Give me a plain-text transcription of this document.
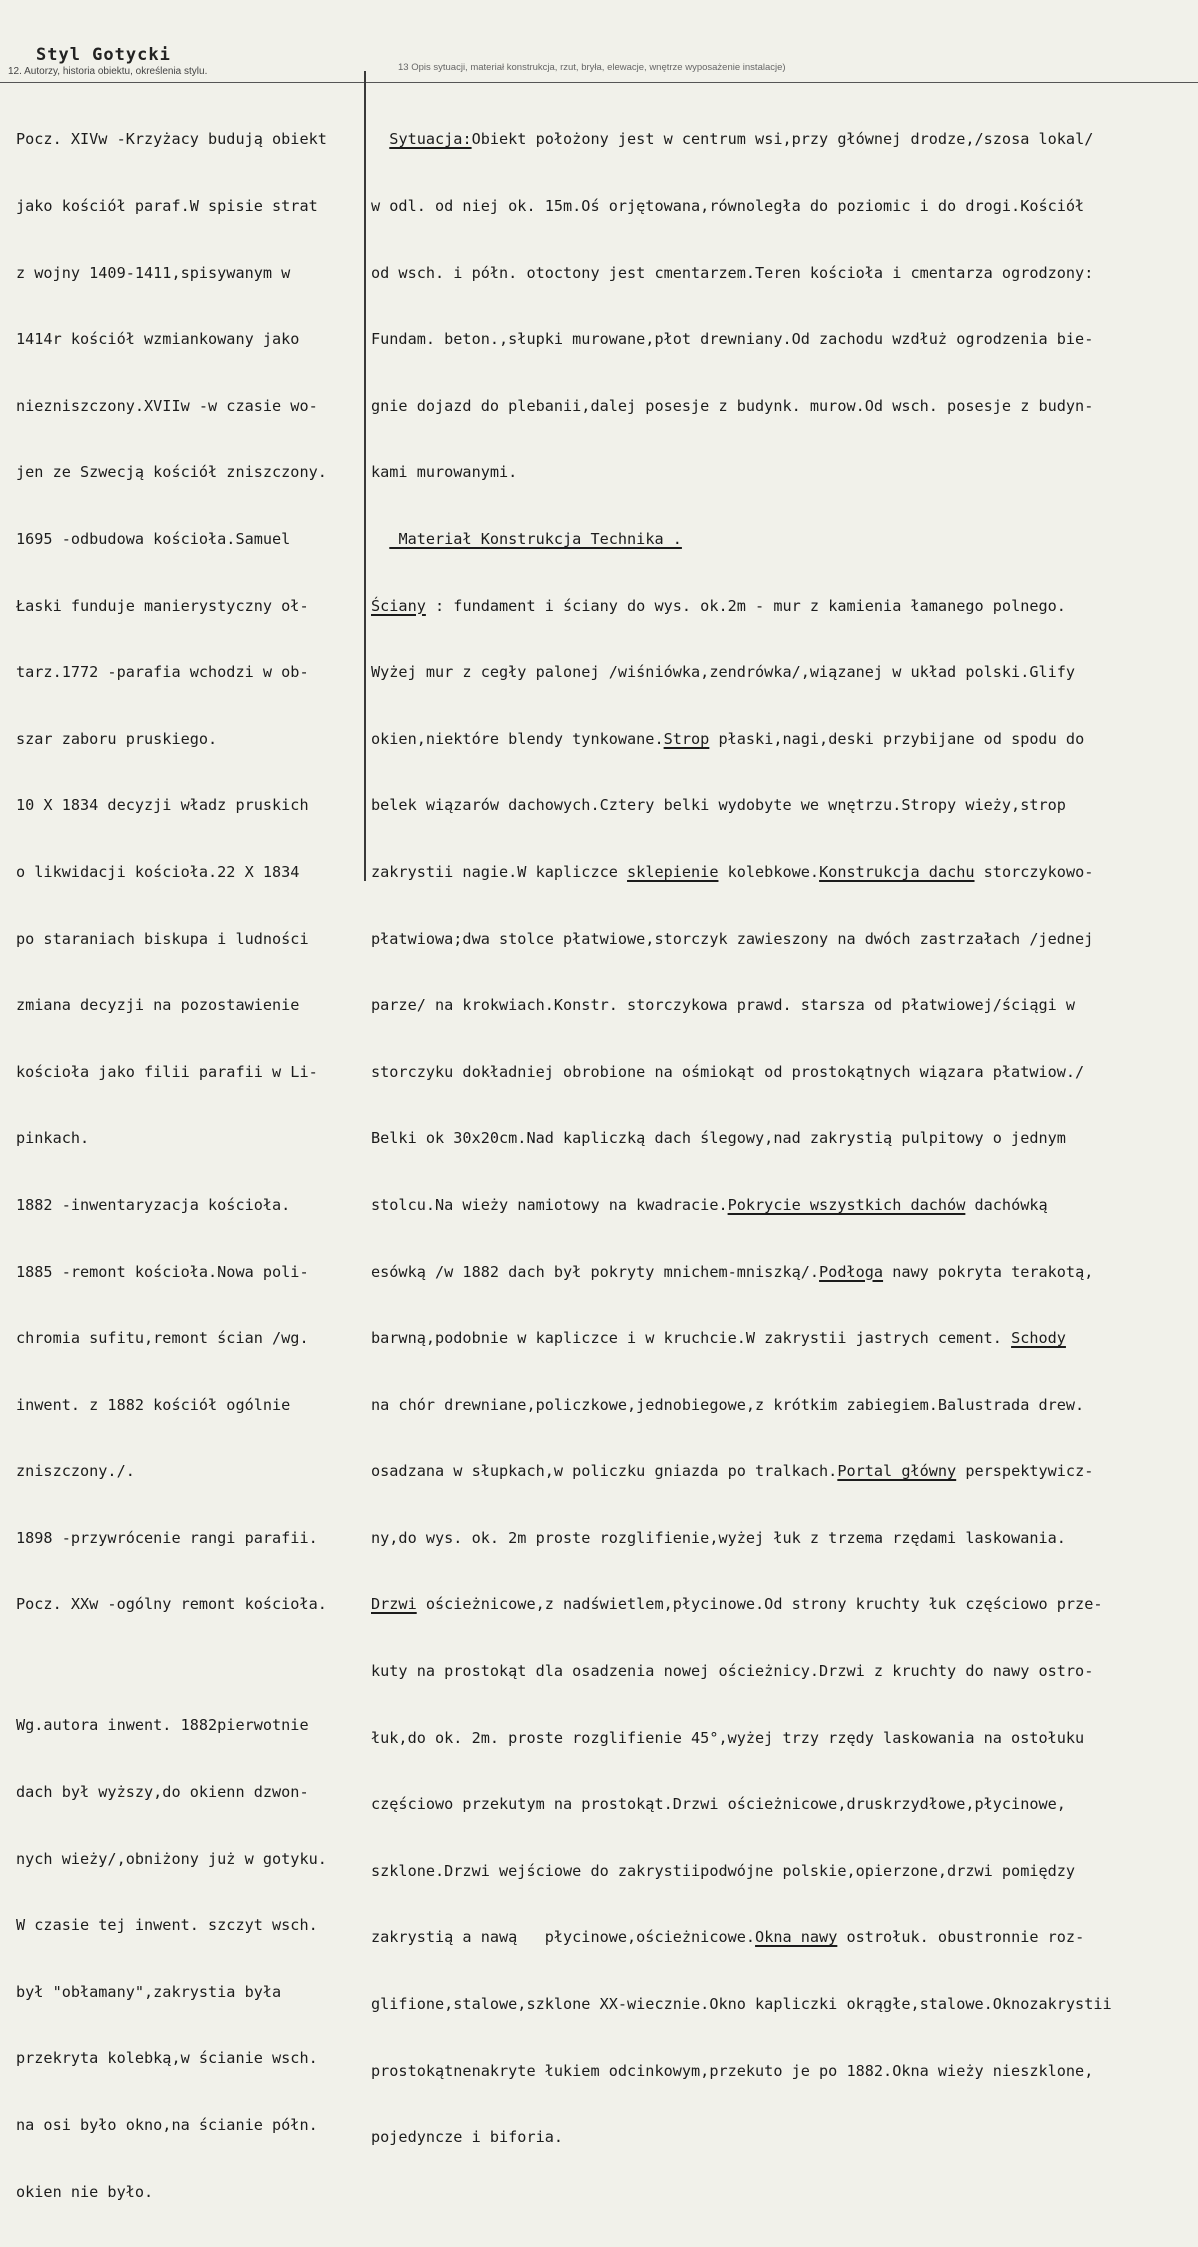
Styl Gotycki
12. Autorzy, historia obiektu, określenia stylu.	13 Opis sytuacji, materiał konstrukcja, rzut, bryła, elewacje, wnętrze wyposażenie instalacje)

Pocz. XIVw -Krzyżacy budują obiekt

jako kościół paraf.W spisie strat

z wojny 1409-1411,spisywanym w

1414r kościół wzmiankowany jako

niezniszczony.XVIIw -w czasie wo-

jen ze Szwecją kościół zniszczony.

1695 -odbudowa kościoła.Samuel

Łaski funduje manierystyczny oł-

tarz.1772 -parafia wchodzi w ob-

szar zaboru pruskiego.

10 X 1834 decyzji władz pruskich

o likwidacji kościoła.22 X 1834

po staraniach biskupa i ludności

zmiana decyzji na pozostawienie

kościoła jako filii parafii w Li-

pinkach.

1882 -inwentaryzacja kościoła.

1885 -remont kościoła.Nowa poli-

chromia sufitu,remont ścian /wg.

inwent. z 1882 kościół ogólnie

zniszczony./.

1898 -przywrócenie rangi parafii.

Pocz. XXw -ogólny remont kościoła.

Wg.autora inwent. 1882pierwotnie

dach był wyższy,do okienn dzwon-

nych wieży/,obniżony już w gotyku.

W czasie tej inwent. szczyt wsch.

był "obłamany",zakrystia była

przekryta kolebką,w ścianie wsch.

na osi było okno,na ścianie półn.

okien nie było.

Sytuacja:Obiekt położony jest w centrum wsi,przy głównej drodze,/szosa lokal/

w odl. od niej ok. 15m.Oś orjętowana,równoległa do poziomic i do drogi.Kościół

od wsch. i półn. otoctony jest cmentarzem.Teren kościoła i cmentarza ogrodzony:

Fundam. beton.,słupki murowane,płot drewniany.Od zachodu wzdłuż ogrodzenia bie-

gnie dojazd do plebanii,dalej posesje z budynk. murow.Od wsch. posesje z budyn-

kami murowanymi.

Materiał Konstrukcja Technika .

Ściany : fundament i ściany do wys. ok.2m - mur z kamienia łamanego polnego.

Wyżej mur z cegły palonej /wiśniówka,zendrówka/,wiązanej w układ polski.Glify

okien,niektóre blendy tynkowane.Strop płaski,nagi,deski przybijane od spodu do

belek wiązarów dachowych.Cztery belki wydobyte we wnętrzu.Stropy wieży,strop

zakrystii nagie.W kapliczce sklepienie kolebkowe.Konstrukcja dachu storczykowo-

płatwiowa;dwa stolce płatwiowe,storczyk zawieszony na dwóch zastrzałach /jednej

parze/ na krokwiach.Konstr. storczykowa prawd. starsza od płatwiowej/ściągi w

storczyku dokładniej obrobione na ośmiokąt od prostokątnych wiązara płatwiow./

Belki ok 30x20cm.Nad kapliczką dach ślegowy,nad zakrystią pulpitowy o jednym

stolcu.Na wieży namiotowy na kwadracie.Pokrycie wszystkich dachów dachówką

esówką /w 1882 dach był pokryty mnichem-mniszką/.Podłoga nawy pokryta terakotą,

barwną,podobnie w kapliczce i w kruchcie.W zakrystii jastrych cement. Schody

na chór drewniane,policzkowe,jednobiegowe,z krótkim zabiegiem.Balustrada drew.

osadzana w słupkach,w policzku gniazda po tralkach.Portal główny perspektywicz-

ny,do wys. ok. 2m proste rozglifienie,wyżej łuk z trzema rzędami laskowania.

Drzwi ościeżnicowe,z nadświetlem,płycinowe.Od strony kruchty łuk częściowo prze-

kuty na prostokąt dla osadzenia nowej ościeżnicy.Drzwi z kruchty do nawy ostro-

łuk,do ok. 2m. proste rozglifienie 45°,wyżej trzy rzędy laskowania na ostołuku

częściowo przekutym na prostokąt.Drzwi ościeżnicowe,druskrzydłowe,płycinowe,

szklone.Drzwi wejściowe do zakrystiipodwójne polskie,opierzone,drzwi pomiędzy

zakrystią a nawą   płycinowe,ościeżnicowe.Okna nawy ostrołuk. obustronnie roz-

glifione,stalowe,szklone XX-wiecznie.Okno kapliczki okrągłe,stalowe.Oknozakrystii

prostokątnenakryte łukiem odcinkowym,przekuto je po 1882.Okna wieży nieszklone,

pojedyncze i biforia.
